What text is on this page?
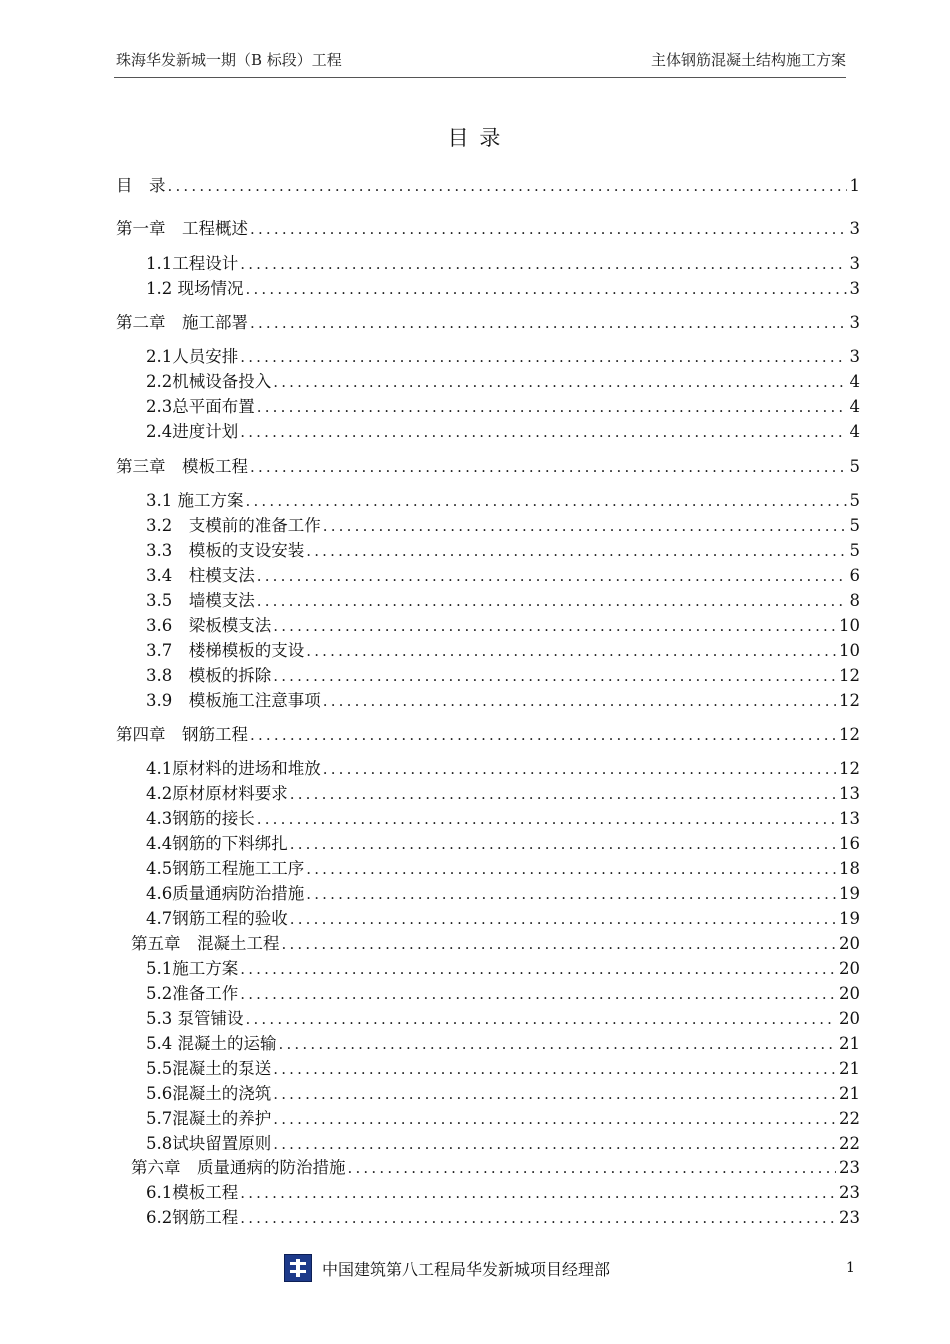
珠海华发新城一期（B 标段）工程	主体钢筋混凝土结构施工方案
目 录
目　录 .....	1
第一章　工程概述 .....	3
1.1工程设计 .....	3
1.2 现场情况 .....	3
第二章　施工部署 .....	3
2.1人员安排 .....	3
2.2机械设备投入 .....	4
2.3总平面布置 .....	4
2.4进度计划 .....	4
第三章　模板工程 .....	5
3.1 施工方案 .....	5
3.2　支模前的准备工作 .....	5
3.3　模板的支设安装 .....	5
3.4　柱模支法 .....	6
3.5　墙模支法 .....	8
3.6　梁板模支法 .....	10
3.7　楼梯模板的支设 .....	10
3.8　模板的拆除 .....	12
3.9　模板施工注意事项 .....	12
第四章　钢筋工程 .....	12
4.1原材料的进场和堆放 .....	12
4.2原材原材料要求 .....	13
4.3钢筋的接长 .....	13
4.4钢筋的下料绑扎 .....	16
4.5钢筋工程施工工序 .....	18
4.6质量通病防治措施 .....	19
4.7钢筋工程的验收 .....	19
第五章　混凝土工程 .....	20
5.1施工方案 .....	20
5.2准备工作 .....	20
5.3 泵管铺设 .....	20
5.4 混凝土的运输 .....	21
5.5混凝土的泵送 .....	21
5.6混凝土的浇筑 .....	21
5.7混凝土的养护 .....	22
5.8试块留置原则 .....	22
第六章　质量通病的防治措施 .....	23
6.1模板工程 .....	23
6.2钢筋工程 .....	23
中国建筑第八工程局华发新城项目经理部	1
